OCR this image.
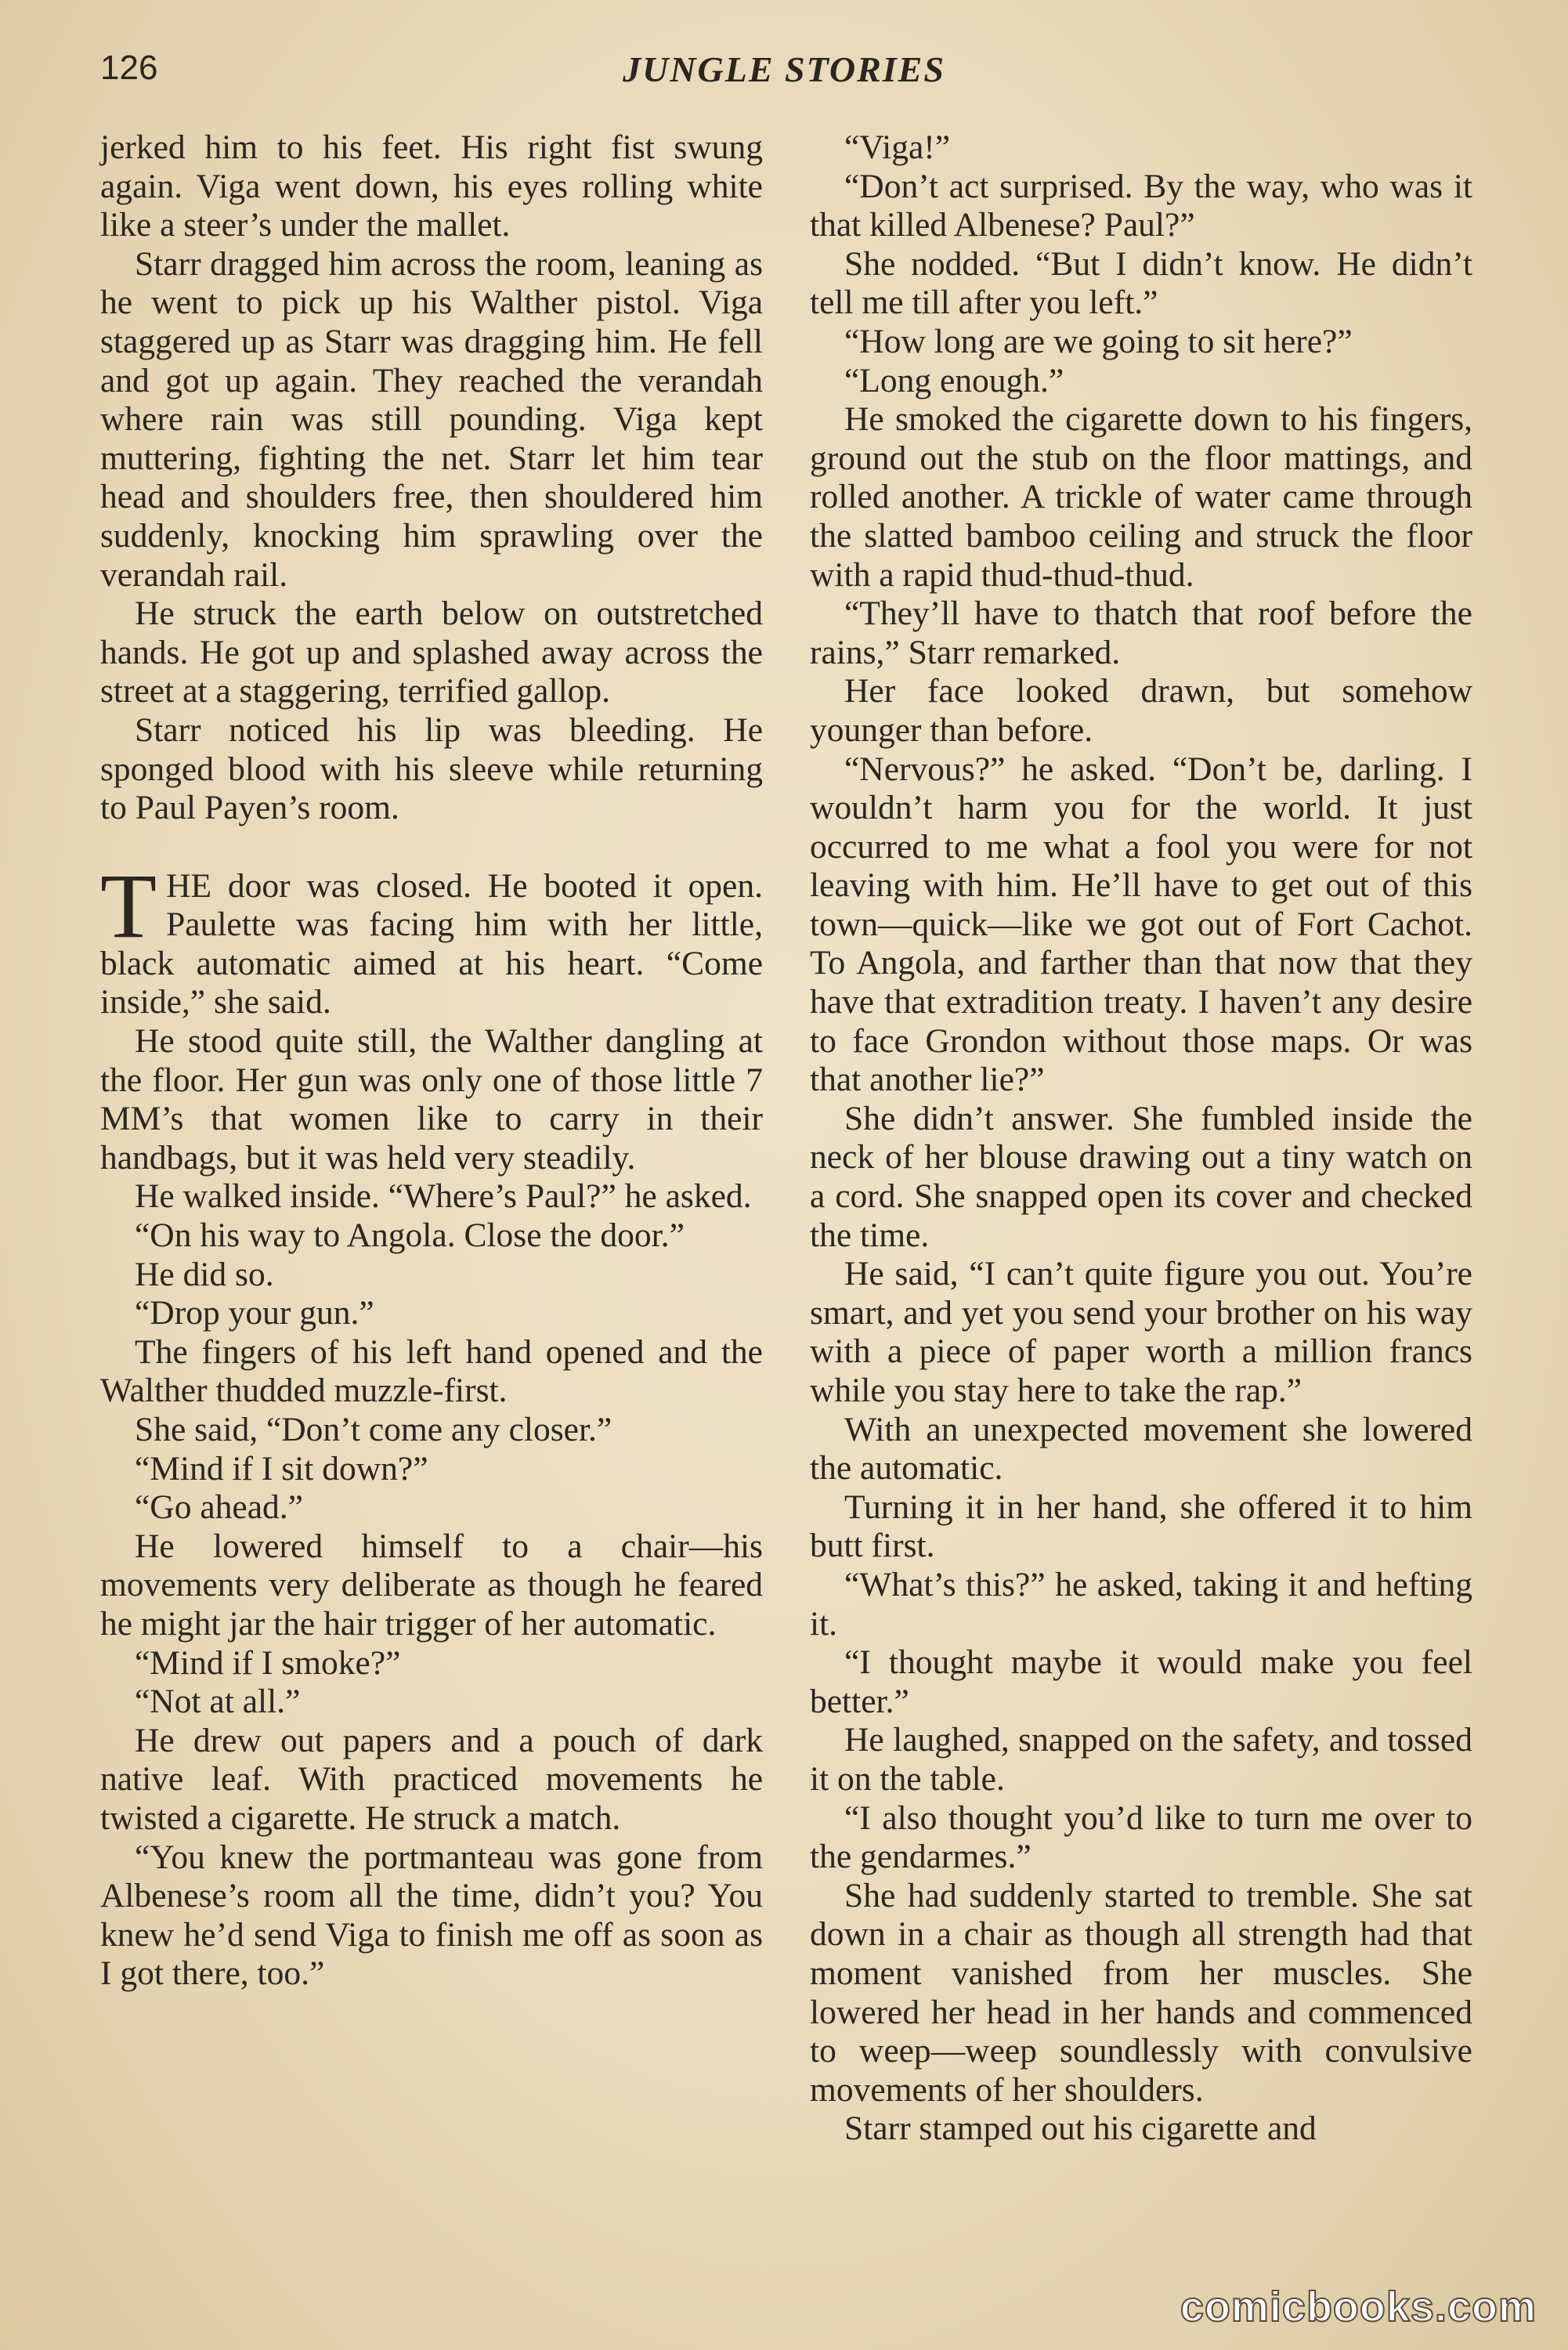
126	JUNGLE STORIES

jerked him to his feet. His right fist swung again. Viga went down, his eyes rolling white like a steer’s under the mallet.

Starr dragged him across the room, leaning as he went to pick up his Walther pistol. Viga staggered up as Starr was dragging him. He fell and got up again. They reached the verandah where rain was still pounding. Viga kept muttering, fighting the net. Starr let him tear head and shoulders free, then shouldered him suddenly, knocking him sprawling over the verandah rail.

He struck the earth below on outstretched hands. He got up and splashed away across the street at a staggering, terrified gallop.

Starr noticed his lip was bleeding. He sponged blood with his sleeve while returning to Paul Payen’s room.

THE door was closed. He booted it open. Paulette was facing him with her little, black automatic aimed at his heart. “Come inside,” she said.

He stood quite still, the Walther dangling at the floor. Her gun was only one of those little 7 MM’s that women like to carry in their handbags, but it was held very steadily.

He walked inside. “Where’s Paul?” he asked.

“On his way to Angola. Close the door.”

He did so.

“Drop your gun.”

The fingers of his left hand opened and the Walther thudded muzzle-first.

She said, “Don’t come any closer.”

“Mind if I sit down?”

“Go ahead.”

He lowered himself to a chair—his movements very deliberate as though he feared he might jar the hair trigger of her automatic.

“Mind if I smoke?”

“Not at all.”

He drew out papers and a pouch of dark native leaf. With practiced movements he twisted a cigarette. He struck a match.

“You knew the portmanteau was gone from Albenese’s room all the time, didn’t you? You knew he’d send Viga to finish me off as soon as I got there, too.”

“Viga!”

“Don’t act surprised. By the way, who was it that killed Albenese? Paul?”

She nodded. “But I didn’t know. He didn’t tell me till after you left.”

“How long are we going to sit here?”

“Long enough.”

He smoked the cigarette down to his fingers, ground out the stub on the floor mattings, and rolled another. A trickle of water came through the slatted bamboo ceiling and struck the floor with a rapid thud-thud-thud.

“They’ll have to thatch that roof before the rains,” Starr remarked.

Her face looked drawn, but somehow younger than before.

“Nervous?” he asked. “Don’t be, darling. I wouldn’t harm you for the world. It just occurred to me what a fool you were for not leaving with him. He’ll have to get out of this town—quick—like we got out of Fort Cachot. To Angola, and farther than that now that they have that extradition treaty. I haven’t any desire to face Grondon without those maps. Or was that another lie?”

She didn’t answer. She fumbled inside the neck of her blouse drawing out a tiny watch on a cord. She snapped open its cover and checked the time.

He said, “I can’t quite figure you out. You’re smart, and yet you send your brother on his way with a piece of paper worth a million francs while you stay here to take the rap.”

With an unexpected movement she lowered the automatic.

Turning it in her hand, she offered it to him butt first.

“What’s this?” he asked, taking it and hefting it.

“I thought maybe it would make you feel better.”

He laughed, snapped on the safety, and tossed it on the table.

“I also thought you’d like to turn me over to the gendarmes.”

She had suddenly started to tremble. She sat down in a chair as though all strength had that moment vanished from her muscles. She lowered her head in her hands and commenced to weep—weep soundlessly with convulsive movements of her shoulders.

Starr stamped out his cigarette and

comicbooks.com
